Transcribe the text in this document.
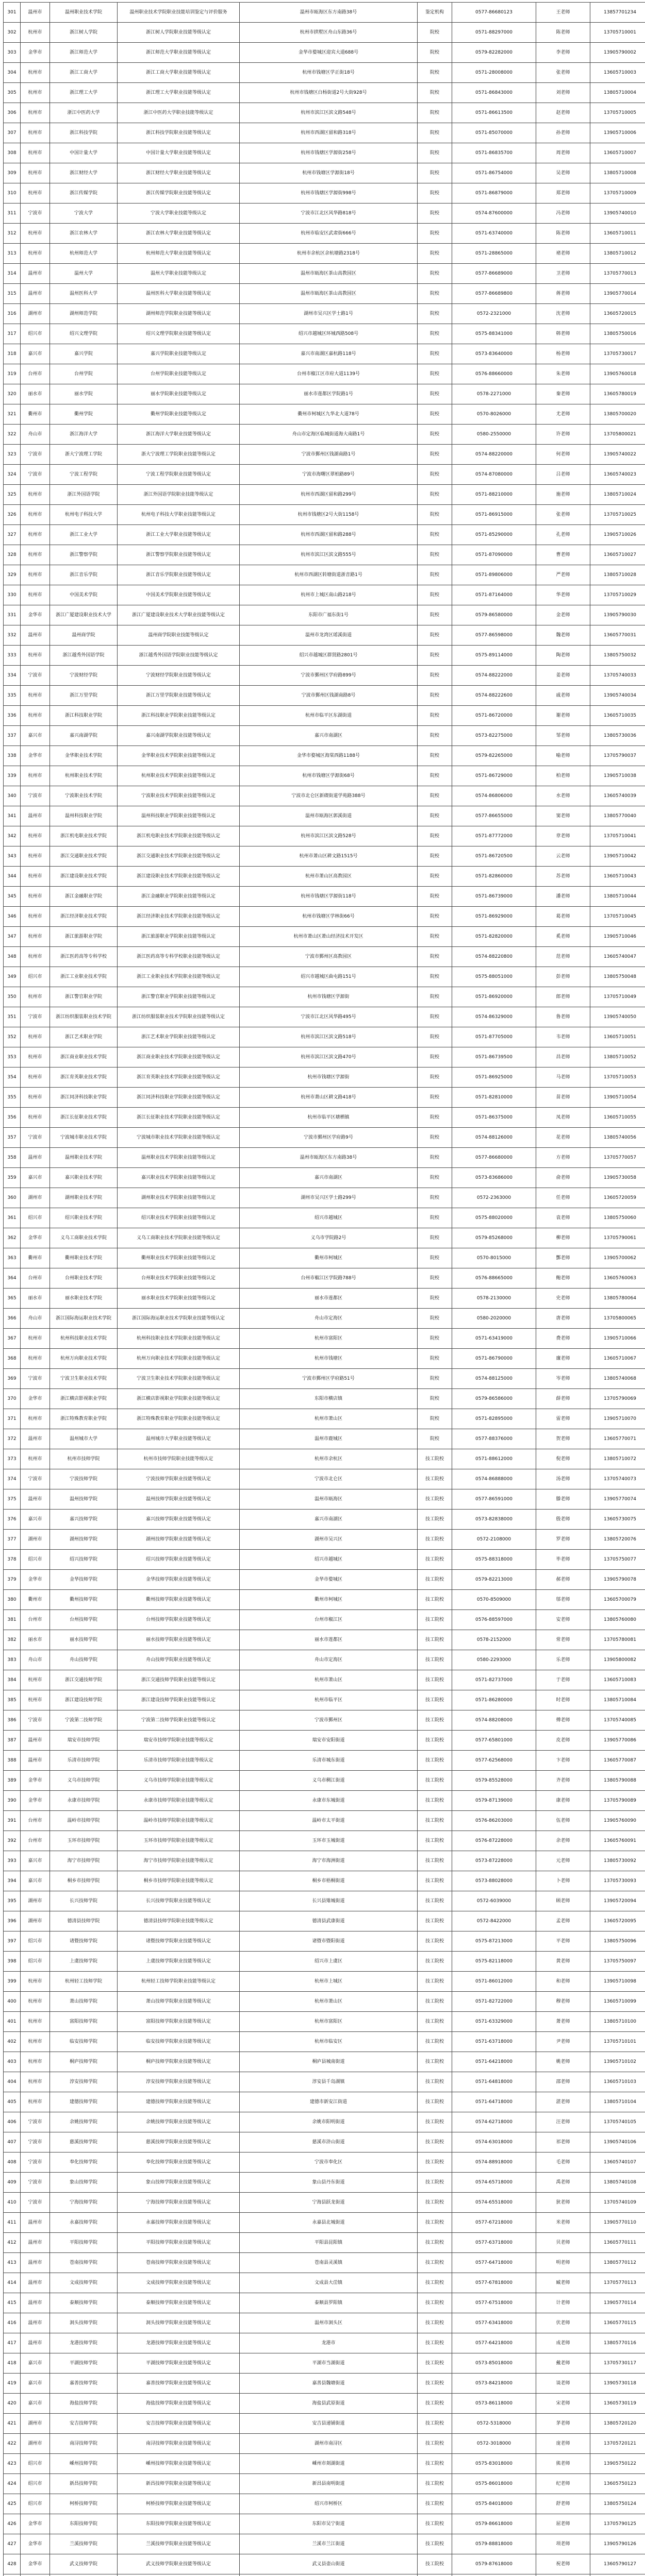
301	温州市	温州职业技术学院	温州职业技术学院职业技能培训鉴定与评价服务	温州市瓯海区东方南路38号	鉴定机构	0577-86680123	王老师	13857701234
302	杭州市	浙江树人学院	浙江树人学院职业技能等级认定	杭州市拱墅区舟山东路36号	院校	0571-88297000	陈老师	13705710001
303	金华市	浙江师范大学	浙江师范大学职业技能等级认定	金华市婺城区迎宾大道688号	院校	0579-82282000	李老师	13905790002
304	杭州市	浙江工商大学	浙江工商大学职业技能等级认定	杭州市钱塘区学正街18号	院校	0571-28008000	张老师	13605710003
305	杭州市	浙江理工大学	浙江理工大学职业技能等级认定	杭州市钱塘区白杨街道2号大街928号	院校	0571-86843000	刘老师	13805710004
306	杭州市	浙江中医药大学	浙江中医药大学职业技能等级认定	杭州市滨江区滨文路548号	院校	0571-86613500	赵老师	13705710005
307	杭州市	浙江科技学院	浙江科技学院职业技能等级认定	杭州市西湖区留和路318号	院校	0571-85070000	孙老师	13905710006
308	杭州市	中国计量大学	中国计量大学职业技能等级认定	杭州市钱塘区学源街258号	院校	0571-86835700	周老师	13605710007
309	杭州市	浙江财经大学	浙江财经大学职业技能等级认定	杭州市钱塘区学源街18号	院校	0571-86754000	吴老师	13805710008
310	杭州市	浙江传媒学院	浙江传媒学院职业技能等级认定	杭州市钱塘区学源街998号	院校	0571-86879000	郑老师	13705710009
311	宁波市	宁波大学	宁波大学职业技能等级认定	宁波市江北区风华路818号	院校	0574-87600000	冯老师	13905740010
312	杭州市	浙江农林大学	浙江农林大学职业技能等级认定	杭州市临安区武肃街666号	院校	0571-63740000	陈老师	13605710011
313	杭州市	杭州师范大学	杭州师范大学职业技能等级认定	杭州市余杭区余杭塘路2318号	院校	0571-28865000	褚老师	13805710012
314	温州市	温州大学	温州大学职业技能等级认定	温州市瓯海区茶山高教园区	院校	0577-86689000	卫老师	13705770013
315	温州市	温州医科大学	温州医科大学职业技能等级认定	温州市瓯海区茶山高教园区	院校	0577-86689800	蒋老师	13905770014
316	湖州市	湖州师范学院	湖州师范学院职业技能等级认定	湖州市吴兴区学士路1号	院校	0572-2321000	沈老师	13605720015
317	绍兴市	绍兴文理学院	绍兴文理学院职业技能等级认定	绍兴市越城区环城西路508号	院校	0575-88341000	韩老师	13805750016
318	嘉兴市	嘉兴学院	嘉兴学院职业技能等级认定	嘉兴市南湖区嘉杭路118号	院校	0573-83640000	杨老师	13705730017
319	台州市	台州学院	台州学院职业技能等级认定	台州市椒江区市府大道1139号	院校	0576-88660000	朱老师	13905760018
320	丽水市	丽水学院	丽水学院职业技能等级认定	丽水市莲都区学院路1号	院校	0578-2271000	秦老师	13605780019
321	衢州市	衢州学院	衢州学院职业技能等级认定	衢州市柯城区九华北大道78号	院校	0570-8026000	尤老师	13805700020
322	舟山市	浙江海洋大学	浙江海洋大学职业技能等级认定	舟山市定海区临城街道海大南路1号	院校	0580-2550000	许老师	13705800021
323	宁波市	浙大宁波理工学院	浙大宁波理工学院职业技能等级认定	宁波市鄞州区钱湖南路1号	院校	0574-88220000	何老师	13905740022
324	宁波市	宁波工程学院	宁波工程学院职业技能等级认定	宁波市海曙区翠柏路89号	院校	0574-87080000	吕老师	13605740023
325	杭州市	浙江外国语学院	浙江外国语学院职业技能等级认定	杭州市西湖区留和路299号	院校	0571-88210000	施老师	13805710024
326	杭州市	杭州电子科技大学	杭州电子科技大学职业技能等级认定	杭州市钱塘区2号大街1158号	院校	0571-86915000	张老师	13705710025
327	杭州市	浙江工业大学	浙江工业大学职业技能等级认定	杭州市西湖区留和路288号	院校	0571-85290000	孔老师	13905710026
328	杭州市	浙江警察学院	浙江警察学院职业技能等级认定	杭州市滨江区滨文路555号	院校	0571-87090000	曹老师	13605710027
329	杭州市	浙江音乐学院	浙江音乐学院职业技能等级认定	杭州市西湖区转塘街道浙音路1号	院校	0571-89806000	严老师	13805710028
330	杭州市	中国美术学院	中国美术学院职业技能等级认定	杭州市上城区南山路218号	院校	0571-87164000	华老师	13705710029
331	金华市	浙江广厦建设职业技术大学	浙江广厦建设职业技术大学职业技能等级认定	东阳市广福东街1号	院校	0579-86580000	金老师	13905790030
332	温州市	温州商学院	温州商学院职业技能等级认定	温州市龙湾区瑶溪街道	院校	0577-86598000	魏老师	13605770031
333	杭州市	浙江越秀外国语学院	浙江越秀外国语学院职业技能等级认定	绍兴市越城区群贤路2801号	院校	0575-89114000	陶老师	13805750032
334	宁波市	宁波财经学院	宁波财经学院职业技能等级认定	宁波市鄞州区学府路899号	院校	0574-88222000	姜老师	13705740033
335	杭州市	浙江万里学院	浙江万里学院职业技能等级认定	宁波市鄞州区钱湖南路8号	院校	0574-88222600	戚老师	13905740034
336	杭州市	浙江科技职业学院	浙江科技职业学院职业技能等级认定	杭州市临平区东湖街道	院校	0571-86720000	谢老师	13605710035
337	嘉兴市	嘉兴南湖学院	嘉兴南湖学院职业技能等级认定	嘉兴市南湖区	院校	0573-82275000	邹老师	13805730036
338	金华市	金华职业技术学院	金华职业技术学院职业技能等级认定	金华市婺城区海棠西路1188号	院校	0579-82265000	喻老师	13705790037
339	杭州市	杭州职业技术学院	杭州职业技术学院职业技能等级认定	杭州市钱塘区学源街68号	院校	0571-86729000	柏老师	13905710038
340	宁波市	宁波职业技术学院	宁波职业技术学院职业技能等级认定	宁波市北仑区新碶街道学苑路388号	院校	0574-86806000	水老师	13605740039
341	温州市	温州科技职业学院	温州科技职业学院职业技能等级认定	温州市瓯海区郭溪街道	院校	0577-86655000	窦老师	13805770040
342	杭州市	浙江机电职业技术学院	浙江机电职业技术学院职业技能等级认定	杭州市滨江区滨文路528号	院校	0571-87772000	章老师	13705710041
343	杭州市	浙江交通职业技术学院	浙江交通职业技术学院职业技能等级认定	杭州市萧山区耕文路1515号	院校	0571-86720500	云老师	13905710042
344	杭州市	浙江建设职业技术学院	浙江建设职业技术学院职业技能等级认定	杭州市萧山区高教园区	院校	0571-82860000	苏老师	13605710043
345	杭州市	浙江金融职业学院	浙江金融职业学院职业技能等级认定	杭州市钱塘区学源街118号	院校	0571-86739000	潘老师	13805710044
346	杭州市	浙江经济职业技术学院	浙江经济职业技术学院职业技能等级认定	杭州市钱塘区学林街66号	院校	0571-86929000	葛老师	13705710045
347	杭州市	浙江旅游职业学院	浙江旅游职业学院职业技能等级认定	杭州市萧山区萧山经济技术开发区	院校	0571-82820000	奚老师	13905710046
348	杭州市	浙江医药高等专科学校	浙江医药高等专科学校职业技能等级认定	宁波市鄞州区高教园区	院校	0574-88220800	范老师	13605740047
349	绍兴市	浙江工业职业技术学院	浙江工业职业技术学院职业技能等级认定	绍兴市越城区曲屯路151号	院校	0575-88051000	彭老师	13805750048
350	杭州市	浙江警官职业学院	浙江警官职业学院职业技能等级认定	杭州市钱塘区学源街	院校	0571-86920000	郎老师	13705710049
351	宁波市	浙江纺织服装职业技术学院	浙江纺织服装职业技术学院职业技能等级认定	宁波市江北区风华路495号	院校	0574-86329000	鲁老师	13905740050
352	杭州市	浙江艺术职业学院	浙江艺术职业学院职业技能等级认定	杭州市滨江区滨文路518号	院校	0571-87705000	韦老师	13605710051
353	杭州市	浙江商业职业技术学院	浙江商业职业技术学院职业技能等级认定	杭州市滨江区滨文路470号	院校	0571-86739500	昌老师	13805710052
354	杭州市	浙江育英职业技术学院	浙江育英职业技术学院职业技能等级认定	杭州市钱塘区学源街	院校	0571-86925000	马老师	13705710053
355	杭州市	浙江同济科技职业学院	浙江同济科技职业学院职业技能等级认定	杭州市萧山区耕文路418号	院校	0571-82810000	苗老师	13905710054
356	杭州市	浙江长征职业技术学院	浙江长征职业技术学院职业技能等级认定	杭州市临平区塘栖镇	院校	0571-86375000	凤老师	13605710055
357	宁波市	宁波城市职业技术学院	宁波城市职业技术学院职业技能等级认定	宁波市鄞州区学府路9号	院校	0574-88126000	花老师	13805740056
358	温州市	温州职业技术学院	温州职业技术学院职业技能等级认定	温州市瓯海区东方南路38号	院校	0577-86680000	方老师	13705770057
359	嘉兴市	嘉兴职业技术学院	嘉兴职业技术学院职业技能等级认定	嘉兴市南湖区	院校	0573-83686000	俞老师	13905730058
360	湖州市	湖州职业技术学院	湖州职业技术学院职业技能等级认定	湖州市吴兴区学士路299号	院校	0572-2363000	任老师	13605720059
361	绍兴市	绍兴职业技术学院	绍兴职业技术学院职业技能等级认定	绍兴市越城区	院校	0575-88020000	袁老师	13805750060
362	金华市	义乌工商职业技术学院	义乌工商职业技术学院职业技能等级认定	义乌市学院路2号	院校	0579-85268000	柳老师	13705790061
363	衢州市	衢州职业技术学院	衢州职业技术学院职业技能等级认定	衢州市柯城区	院校	0570-8015000	酆老师	13905700062
364	台州市	台州职业技术学院	台州职业技术学院职业技能等级认定	台州市椒江区学院路788号	院校	0576-88665000	鲍老师	13605760063
365	丽水市	丽水职业技术学院	丽水职业技术学院职业技能等级认定	丽水市莲都区	院校	0578-2130000	史老师	13805780064
366	舟山市	浙江国际海运职业技术学院	浙江国际海运职业技术学院职业技能等级认定	舟山市定海区	院校	0580-2020000	唐老师	13705800065
367	杭州市	杭州科技职业技术学院	杭州科技职业技术学院职业技能等级认定	杭州市富阳区	院校	0571-63419000	费老师	13905710066
368	杭州市	杭州万向职业技术学院	杭州万向职业技术学院职业技能等级认定	杭州市钱塘区	院校	0571-86790000	廉老师	13605710067
369	宁波市	宁波卫生职业技术学院	宁波卫生职业技术学院职业技能等级认定	宁波市鄞州区学府路51号	院校	0574-88125000	岑老师	13805740068
370	金华市	浙江横店影视职业学院	浙江横店影视职业学院职业技能等级认定	东阳市横店镇	院校	0579-86586000	薛老师	13705790069
371	杭州市	浙江特殊教育职业学院	浙江特殊教育职业学院职业技能等级认定	杭州市萧山区	院校	0571-82895000	雷老师	13905710070
372	温州市	温州城市大学	温州城市大学职业技能等级认定	温州市鹿城区	院校	0577-88376000	贺老师	13605770071
373	杭州市	杭州市技师学院	杭州市技师学院职业技能等级认定	杭州市余杭区	技工院校	0571-88612000	倪老师	13805710072
374	宁波市	宁波技师学院	宁波技师学院职业技能等级认定	宁波市北仑区	技工院校	0574-86888000	汤老师	13705740073
375	温州市	温州技师学院	温州技师学院职业技能等级认定	温州市瓯海区	技工院校	0577-86591000	滕老师	13905770074
376	嘉兴市	嘉兴技师学院	嘉兴技师学院职业技能等级认定	嘉兴市南湖区	技工院校	0573-82838000	殷老师	13605730075
377	湖州市	湖州技师学院	湖州技师学院职业技能等级认定	湖州市吴兴区	技工院校	0572-2108000	罗老师	13805720076
378	绍兴市	绍兴技师学院	绍兴技师学院职业技能等级认定	绍兴市越城区	技工院校	0575-88318000	毕老师	13705750077
379	金华市	金华技师学院	金华技师学院职业技能等级认定	金华市婺城区	技工院校	0579-82213000	郝老师	13905790078
380	衢州市	衢州技师学院	衢州技师学院职业技能等级认定	衢州市柯城区	技工院校	0570-8509000	邬老师	13605700079
381	台州市	台州技师学院	台州技师学院职业技能等级认定	台州市椒江区	技工院校	0576-88597000	安老师	13805760080
382	丽水市	丽水技师学院	丽水技师学院职业技能等级认定	丽水市莲都区	技工院校	0578-2152000	常老师	13705780081
383	舟山市	舟山技师学院	舟山技师学院职业技能等级认定	舟山市定海区	技工院校	0580-2293000	乐老师	13905800082
384	杭州市	浙江交通技师学院	浙江交通技师学院职业技能等级认定	杭州市萧山区	技工院校	0571-82737000	于老师	13605710083
385	杭州市	浙江建设技师学院	浙江建设技师学院职业技能等级认定	杭州市临平区	技工院校	0571-86280000	时老师	13805710084
386	宁波市	宁波第二技师学院	宁波第二技师学院职业技能等级认定	宁波市鄞州区	技工院校	0574-88208000	傅老师	13705740085
387	温州市	瑞安市技师学院	瑞安市技师学院职业技能等级认定	瑞安市安阳街道	技工院校	0577-65801000	皮老师	13905770086
388	温州市	乐清市技师学院	乐清市技师学院职业技能等级认定	乐清市城东街道	技工院校	0577-62568000	卞老师	13605770087
389	金华市	义乌市技师学院	义乌市技师学院职业技能等级认定	义乌市稠江街道	技工院校	0579-85528000	齐老师	13805790088
390	金华市	永康市技师学院	永康市技师学院职业技能等级认定	永康市东城街道	技工院校	0579-87139000	康老师	13705790089
391	台州市	温岭市技师学院	温岭市技师学院职业技能等级认定	温岭市太平街道	技工院校	0576-86203000	伍老师	13905760090
392	台州市	玉环市技师学院	玉环市技师学院职业技能等级认定	玉环市玉城街道	技工院校	0576-87228000	余老师	13605760091
393	嘉兴市	海宁市技师学院	海宁市技师学院职业技能等级认定	海宁市海洲街道	技工院校	0573-87228000	元老师	13805730092
394	嘉兴市	桐乡市技师学院	桐乡市技师学院职业技能等级认定	桐乡市梧桐街道	技工院校	0573-88028000	卜老师	13705730093
395	湖州市	长兴技师学院	长兴技师学院职业技能等级认定	长兴县雉城街道	技工院校	0572-6039000	顾老师	13905720094
396	湖州市	德清县技师学院	德清县技师学院职业技能等级认定	德清县武康街道	技工院校	0572-8422000	孟老师	13605720095
397	绍兴市	诸暨技师学院	诸暨技师学院职业技能等级认定	诸暨市暨阳街道	技工院校	0575-87213000	平老师	13805750096
398	绍兴市	上虞技师学院	上虞技师学院职业技能等级认定	绍兴市上虞区	技工院校	0575-82118000	黄老师	13705750097
399	杭州市	杭州轻工技师学院	杭州轻工技师学院职业技能等级认定	杭州市上城区	技工院校	0571-86012000	和老师	13905710098
400	杭州市	萧山技师学院	萧山技师学院职业技能等级认定	杭州市萧山区	技工院校	0571-82722000	穆老师	13605710099
401	杭州市	富阳技师学院	富阳技师学院职业技能等级认定	杭州市富阳区	技工院校	0571-63329000	萧老师	13805710100
402	杭州市	临安技师学院	临安技师学院职业技能等级认定	杭州市临安区	技工院校	0571-63718000	尹老师	13705710101
403	杭州市	桐庐技师学院	桐庐技师学院职业技能等级认定	桐庐县城南街道	技工院校	0571-64218000	姚老师	13905710102
404	杭州市	淳安技师学院	淳安技师学院职业技能等级认定	淳安县千岛湖镇	技工院校	0571-64818000	邵老师	13605710103
405	杭州市	建德技师学院	建德技师学院职业技能等级认定	建德市新安江街道	技工院校	0571-64718000	湛老师	13805710104
406	宁波市	余姚技师学院	余姚技师学院职业技能等级认定	余姚市阳明街道	技工院校	0574-62718000	汪老师	13705740105
407	宁波市	慈溪技师学院	慈溪技师学院职业技能等级认定	慈溪市浒山街道	技工院校	0574-63018000	祁老师	13905740106
408	宁波市	奉化技师学院	奉化技师学院职业技能等级认定	宁波市奉化区	技工院校	0574-88918000	毛老师	13605740107
409	宁波市	象山技师学院	象山技师学院职业技能等级认定	象山县丹东街道	技工院校	0574-65718000	禹老师	13805740108
410	宁波市	宁海技师学院	宁海技师学院职业技能等级认定	宁海县跃龙街道	技工院校	0574-65518000	狄老师	13705740109
411	温州市	永嘉技师学院	永嘉技师学院职业技能等级认定	永嘉县北城街道	技工院校	0577-67218000	米老师	13905770110
412	温州市	平阳技师学院	平阳技师学院职业技能等级认定	平阳县昆阳镇	技工院校	0577-63718000	贝老师	13605770111
413	温州市	苍南技师学院	苍南技师学院职业技能等级认定	苍南县灵溪镇	技工院校	0577-64718000	明老师	13805770112
414	温州市	文成技师学院	文成技师学院职业技能等级认定	文成县大峃镇	技工院校	0577-67818000	臧老师	13705770113
415	温州市	泰顺技师学院	泰顺技师学院职业技能等级认定	泰顺县罗阳镇	技工院校	0577-67518000	计老师	13905770114
416	温州市	洞头技师学院	洞头技师学院职业技能等级认定	温州市洞头区	技工院校	0577-63418000	伏老师	13605770115
417	温州市	龙港技师学院	龙港技师学院职业技能等级认定	龙港市	技工院校	0577-64218000	成老师	13805770116
418	嘉兴市	平湖技师学院	平湖技师学院职业技能等级认定	平湖市当湖街道	技工院校	0573-85018000	戴老师	13705730117
419	嘉兴市	嘉善技师学院	嘉善技师学院职业技能等级认定	嘉善县魏塘街道	技工院校	0573-84218000	谈老师	13905730118
420	嘉兴市	海盐技师学院	海盐技师学院职业技能等级认定	海盐县武原街道	技工院校	0573-86118000	宋老师	13605730119
421	湖州市	安吉技师学院	安吉技师学院职业技能等级认定	安吉县递铺街道	技工院校	0572-5318000	茅老师	13805720120
422	湖州市	南浔技师学院	南浔技师学院职业技能等级认定	湖州市南浔区	技工院校	0572-3018000	庞老师	13705720121
423	绍兴市	嵊州技师学院	嵊州技师学院职业技能等级认定	嵊州市剡湖街道	技工院校	0575-83018000	熊老师	13905750122
424	绍兴市	新昌技师学院	新昌技师学院职业技能等级认定	新昌县南明街道	技工院校	0575-86018000	纪老师	13605750123
425	绍兴市	柯桥技师学院	柯桥技师学院职业技能等级认定	绍兴市柯桥区	技工院校	0575-84018000	舒老师	13805750124
426	金华市	东阳技师学院	东阳技师学院职业技能等级认定	东阳市吴宁街道	技工院校	0579-86618000	屈老师	13705790125
427	金华市	兰溪技师学院	兰溪技师学院职业技能等级认定	兰溪市兰江街道	技工院校	0579-88818000	项老师	13905790126
428	金华市	武义技师学院	武义技师学院职业技能等级认定	武义县壶山街道	技工院校	0579-87618000	祝老师	13605790127
